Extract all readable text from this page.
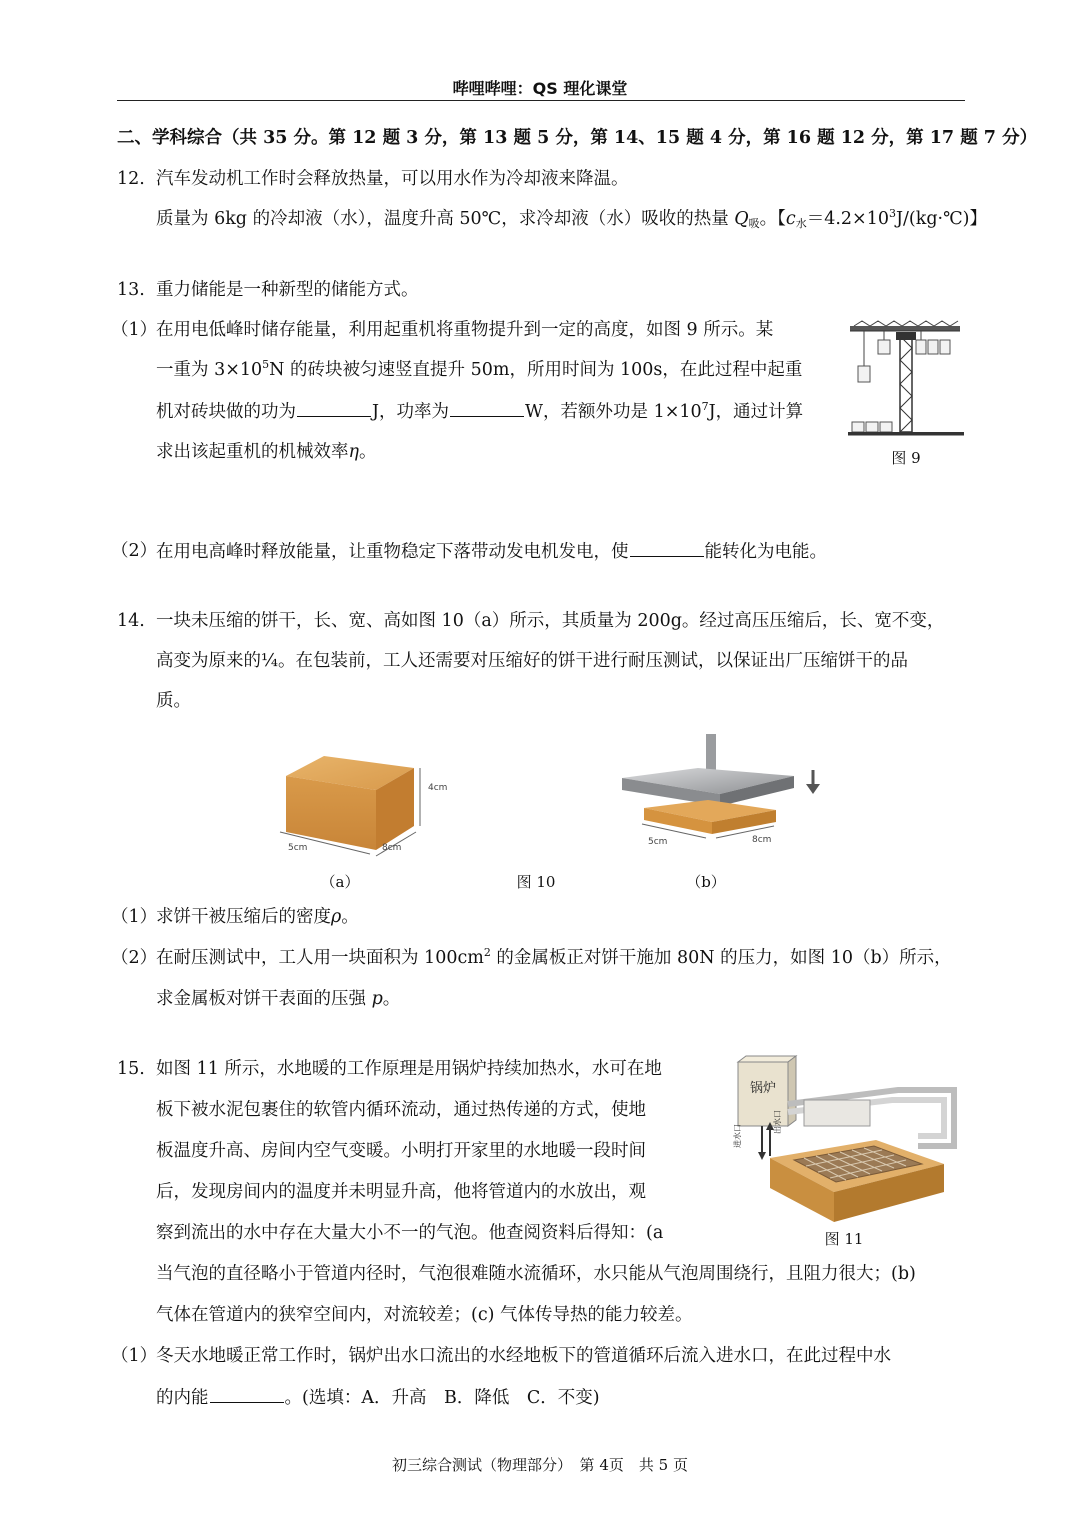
哔哩哔哩：QS 理化课堂
二、学科综合（共 35 分。第 12 题 3 分，第 13 题 5 分，第 14、15 题 4 分，第 16 题 12 分，第 17 题 7 分）
12. 汽车发动机工作时会释放热量，可以用水作为冷却液来降温。
质量为 6kg 的冷却液（水），温度升高 50℃，求冷却液（水）吸收的热量 $Q_吸$。【$c_水=4.2\times 10^3J/(kg\cdot℃)$】
13. 重力储能是一种新型的储能方式。
（1）
在用电低峰时储存能量，利用起重机将重物提升到一定的高度，如图 9 所示。某
一重为 $3\times 10^5N$ 的砖块被匀速竖直提升 50m，所用时间为 100s，在此过程中起重
机对砖块做的功为	J，功率为	W，若额外功是 $1\times 10^7J$，通过计算
求出该起重机的机械效率η。	图 9
（2）
在用电高峰时释放能量，让重物稳定下落带动发电机发电，使	能转化为电能。
14. 一块未压缩的饼干，长、宽、高如图 10（a）所示，其质量为 200g。经过高压压缩后，长、宽不变，
高变为原来的¼。在包装前，工人还需要对压缩好的饼干进行耐压测试，以保证出厂压缩饼干的品
质。
4cm
5cm	8cm
5cm	8cm
（a）	图 10	（b）
（1）
求饼干被压缩后的密度ρ。
（2）
在耐压测试中，工人用一块面积为 $100cm^2$ 的金属板正对饼干施加 80N 的压力，如图 10（b）所示，
求金属板对饼干表面的压强 p。
15. 如图 11 所示，水地暖的工作原理是用锅炉持续加热水，水可在地
板下被水泥包裹住的软管内循环流动，通过热传递的方式，使地
板温度升高、房间内空气变暖。小明打开家里的水地暖一段时间
后，发现房间内的温度并未明显升高，他将管道内的水放出，观
察到流出的水中存在大量大小不一的气泡。他查阅资料后得知：(a
当气泡的直径略小于管道内径时，气泡很难随水流循环，水只能从气泡周围绕行，且阻力很大；(b)
气体在管道内的狭窄空间内，对流较差；(c) 气体传导热的能力较差。
锅炉
进水口
出水口
图 11
（1）
冬天水地暖正常工作时，锅炉出水口流出的水经地板下的管道循环后流入进水口，在此过程中水
的内能	。(选填：A．升高　B．降低　C．不变)
初三综合测试（物理部分）　第 4页　共 5 页
